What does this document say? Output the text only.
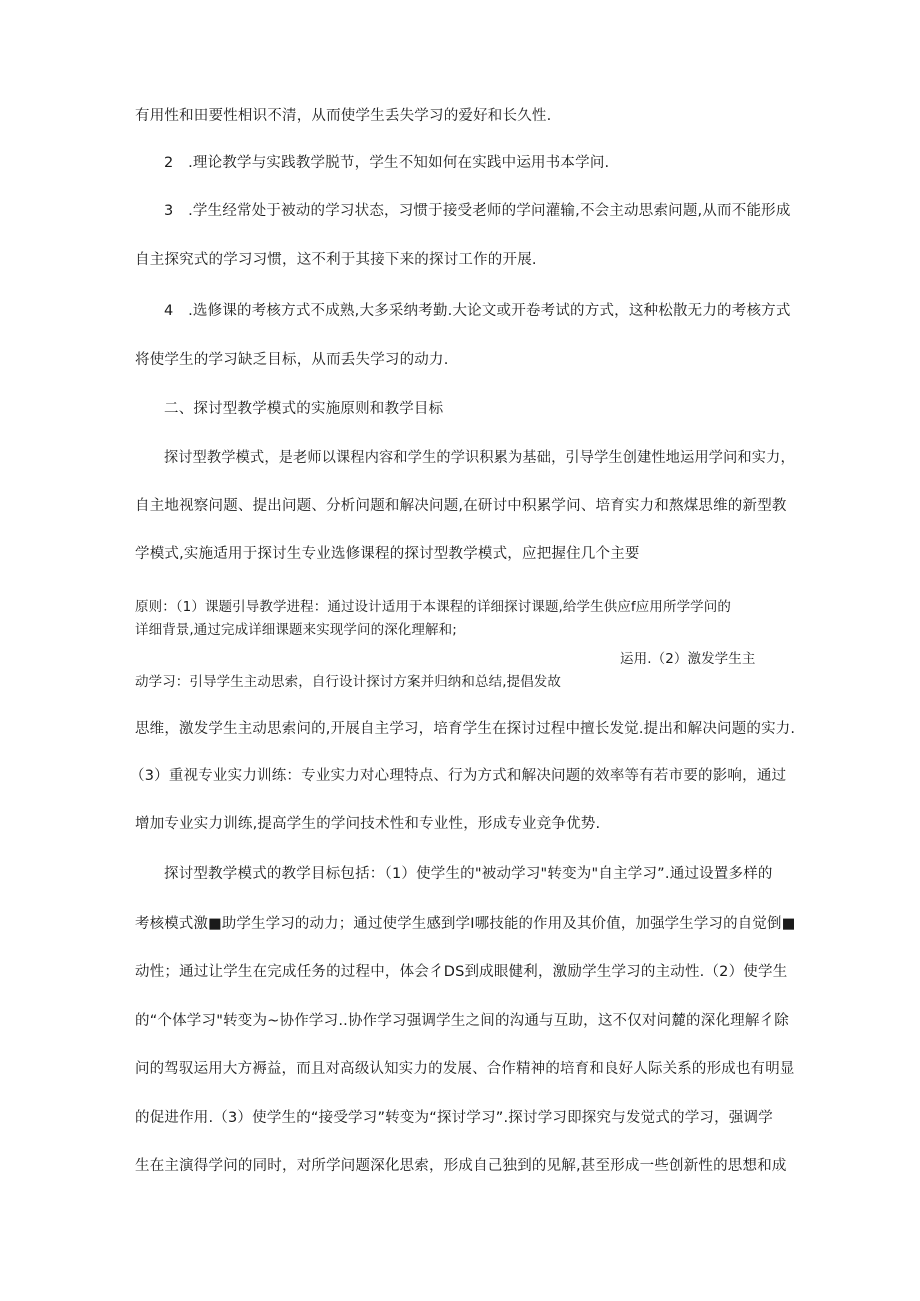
有用性和田要性相识不清，从而使学生丢失学习的爱好和长久性.
2　.理论教学与实践教学脱节，学生不知如何在实践中运用书本学问.
3　.学生经常处于被动的学习状态，习惯于接受老师的学问灌输,不会主动思索问题,从而不能形成
自主探究式的学习习惯，这不利于其接下来的探讨工作的开展.
4　.选修课的考核方式不成熟,大多采纳考勤.大论文或开卷考试的方式，这种松散无力的考核方式
将使学生的学习缺乏目标，从而丢失学习的动力.
二、探讨型教学模式的实施原则和教学目标
探讨型教学模式，是老师以课程内容和学生的学识积累为基础，引导学生创建性地运用学问和实力，
自主地视察问题、提出问题、分析问题和解决问题,在研讨中积累学问、培育实力和熬煤思维的新型教
学模式,实施适用于探讨生专业选修课程的探讨型教学模式，应把握住几个主要
原则：（1）课题引导教学进程：通过设计适用于本课程的详细探讨课题,给学生供应f应用所学学问的
详细背景,通过完成详细课题来实现学问的深化理解和;
运用.（2）激发学生主
动学习：引导学生主动思索，自行设计探讨方案并归纳和总结,提倡发故
思维，激发学生主动思索问的,开展自主学习，培育学生在探讨过程中擅长发觉.提出和解决问题的实力.
（3）重视专业实力训练：专业实力对心理特点、行为方式和解决问题的效率等有若市要的影响，通过
增加专业实力训练,提高学生的学问技术性和专业性，形成专业竞争优势.
探讨型教学模式的教学目标包括：（1）使学生的"被动学习"转变为"自主学习”.通过设置多样的
考核模式激■助学生学习的动力；通过使学生感到学I哪技能的作用及其价值，加强学生学习的自觉倒■
动性；通过让学生在完成任务的过程中，体会彳DS到成眼健利，激励学生学习的主动性.（2）使学生
的“个体学习"转变为~协作学习..协作学习强调学生之间的沟通与互助，这不仅对问麓的深化理解彳除
问的驾驭运用大方褥益，而且对高级认知实力的发展、合作精神的培育和良好人际关系的形成也有明显
的促进作用.（3）使学生的“接受学习”转变为“探讨学习”.探讨学习即探究与发觉式的学习，强调学
生在主演得学问的同时，对所学问题深化思索，形成自己独到的见解,甚至形成一些创新性的思想和成
